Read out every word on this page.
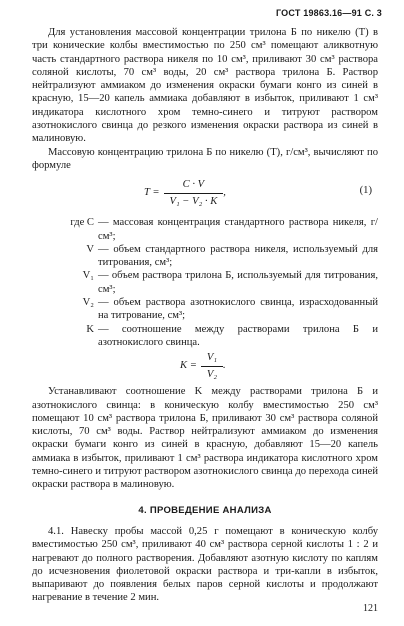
ГОСТ 19863.16—91 С. 3

Для установления массовой концентрации трилона Б по никелю (T) в три конические колбы вместимостью по 250 см³ помещают аликвотную часть стандартного раствора никеля по 10 см³, приливают 30 см³ раствора соляной кислоты, 70 см³ воды, 20 см³ раствора трилона Б. Раствор нейтрализуют аммиаком до изменения окраски бумаги конго из синей в красную, 15—20 капель аммиака добавляют в избыток, приливают 1 см³ индикатора кислотного хром темно-синего и титруют раствором азотнокислого свинца до резкого изменения окраски раствора из синей в малиновую.

Массовую концентрацию трилона Б по никелю (T), г/см³, вычисляют по формуле

$T = \frac{C \cdot V}{\text{V₁ − V₂ · K}}$ ,	(1)
где C — массовая концентрация стандартного раствора никеля, г/см³;
V — объем стандартного раствора никеля, используемый для титрования, см³;
V₁ — объем раствора трилона Б, используемый для титрования, см³;
V₂ — объем раствора азотнокислого свинца, израсходованный на титрование, см³;
K — соотношение между растворами трилона Б и азотнокислого свинца.
$K = \frac{\text{V₁}}{\text{V₂}}$ .

Устанавливают соотношение K между растворами трилона Б и азотнокислого свинца: в коническую колбу вместимостью 250 см³ помещают 10 см³ раствора трилона Б, приливают 30 см³ раствора соляной кислоты, 70 см³ воды. Раствор нейтрализуют аммиаком до изменения окраски бумаги конго из синей в красную, добавляют 15—20 капель аммиака в избыток, приливают 1 см³ раствора индикатора кислотного хром темно-синего и титруют раствором азотнокислого свинца до перехода синей окраски раствора в малиновую.

4. ПРОВЕДЕНИЕ АНАЛИЗА

4.1. Навеску пробы массой 0,25 г помещают в коническую колбу вместимостью 250 см³, приливают 40 см³ раствора серной кислоты 1 : 2 и нагревают до полного растворения. Добавляют азотную кислоту по каплям до исчезновения фиолетовой окраски раствора и три-капли в избыток, выпаривают до появления белых паров серной кислоты и продолжают нагревание в течение 2 мин.

121
